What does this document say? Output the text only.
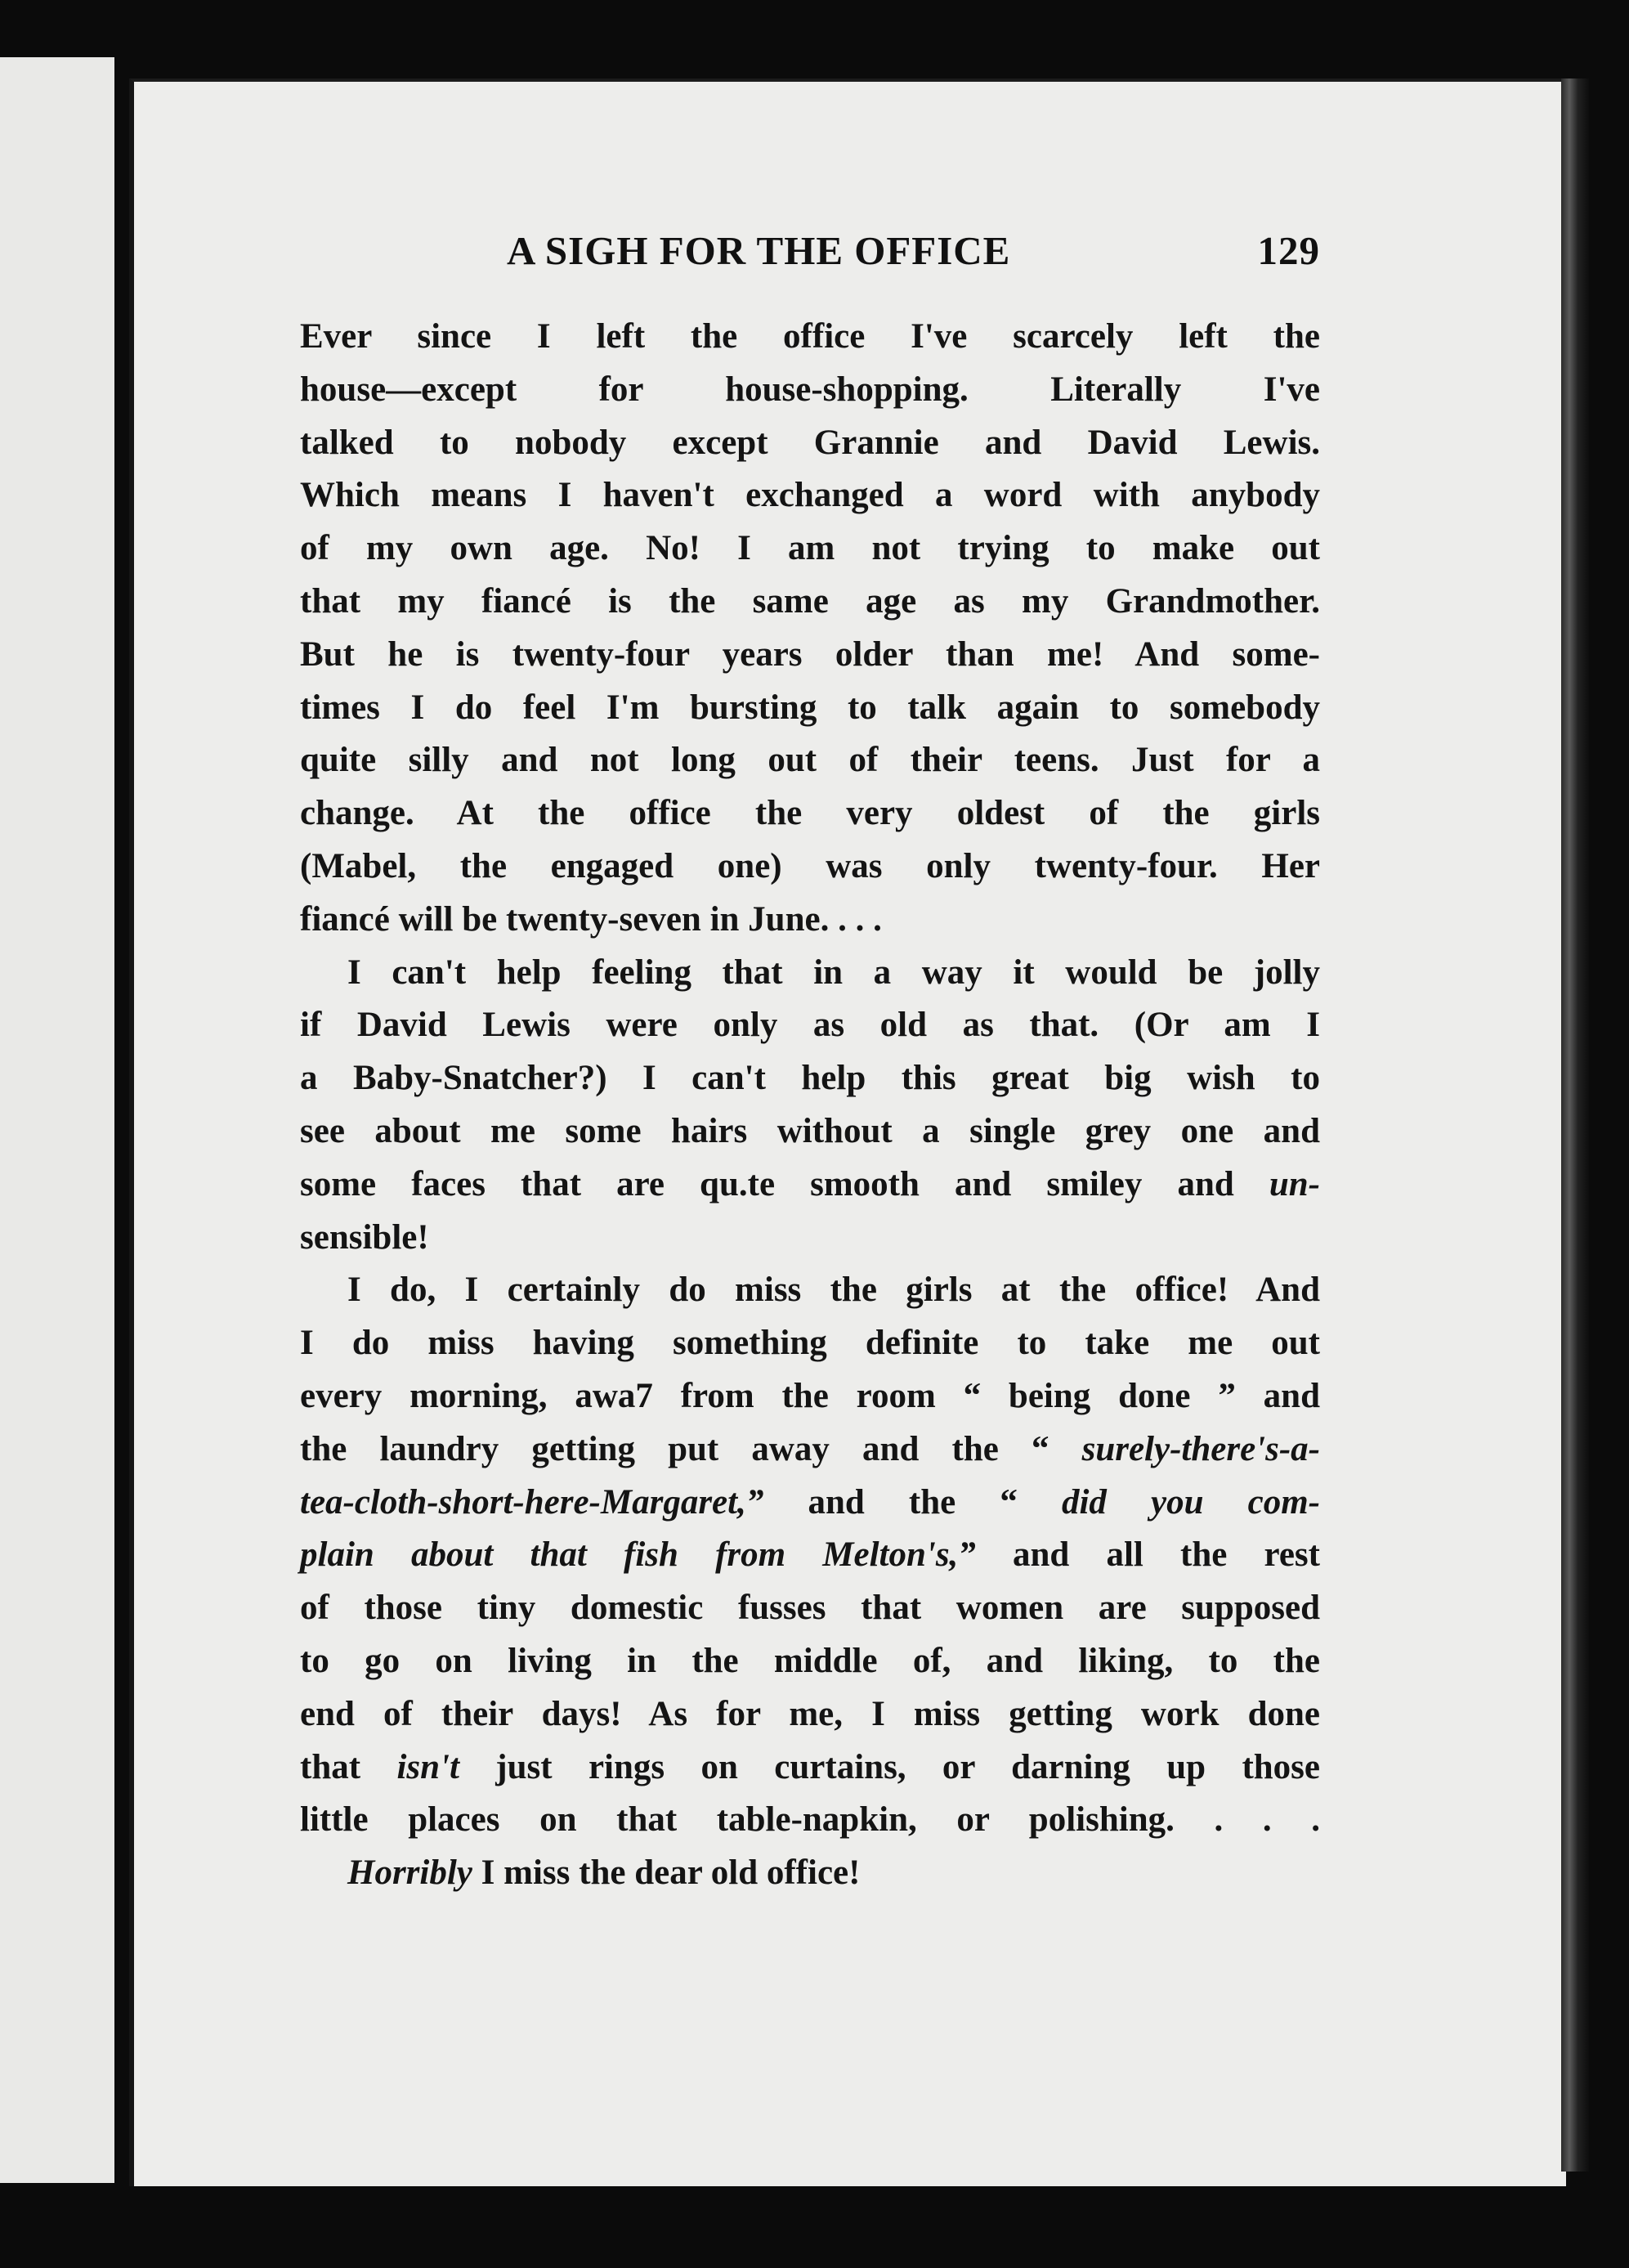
A SIGH FOR THE OFFICE	129
Ever since I left the office I've scarcely left the
house—except for house-shopping. Literally I've
talked to nobody except Grannie and David Lewis.
Which means I haven't exchanged a word with anybody
of my own age. No! I am not trying to make out
that my fiancé is the same age as my Grandmother.
But he is twenty-four years older than me! And some-
times I do feel I'm bursting to talk again to somebody
quite silly and not long out of their teens. Just for a
change. At the office the very oldest of the girls
(Mabel, the engaged one) was only twenty-four. Her
fiancé will be twenty-seven in June. . . .
I can't help feeling that in a way it would be jolly
if David Lewis were only as old as that. (Or am I
a Baby-Snatcher?) I can't help this great big wish to
see about me some hairs without a single grey one and
some faces that are qu.te smooth and smiley and un-
sensible!
I do, I certainly do miss the girls at the office! And
I do miss having something definite to take me out
every morning, awa7 from the room “ being done ” and
the laundry getting put away and the “ surely-there's-a-
tea-cloth-short-here-Margaret,” and the “ did you com-
plain about that fish from Melton's,” and all the rest
of those tiny domestic fusses that women are supposed
to go on living in the middle of, and liking, to the
end of their days! As for me, I miss getting work done
that isn't just rings on curtains, or darning up those
little places on that table-napkin, or polishing. . . .
Horribly I miss the dear old office!
